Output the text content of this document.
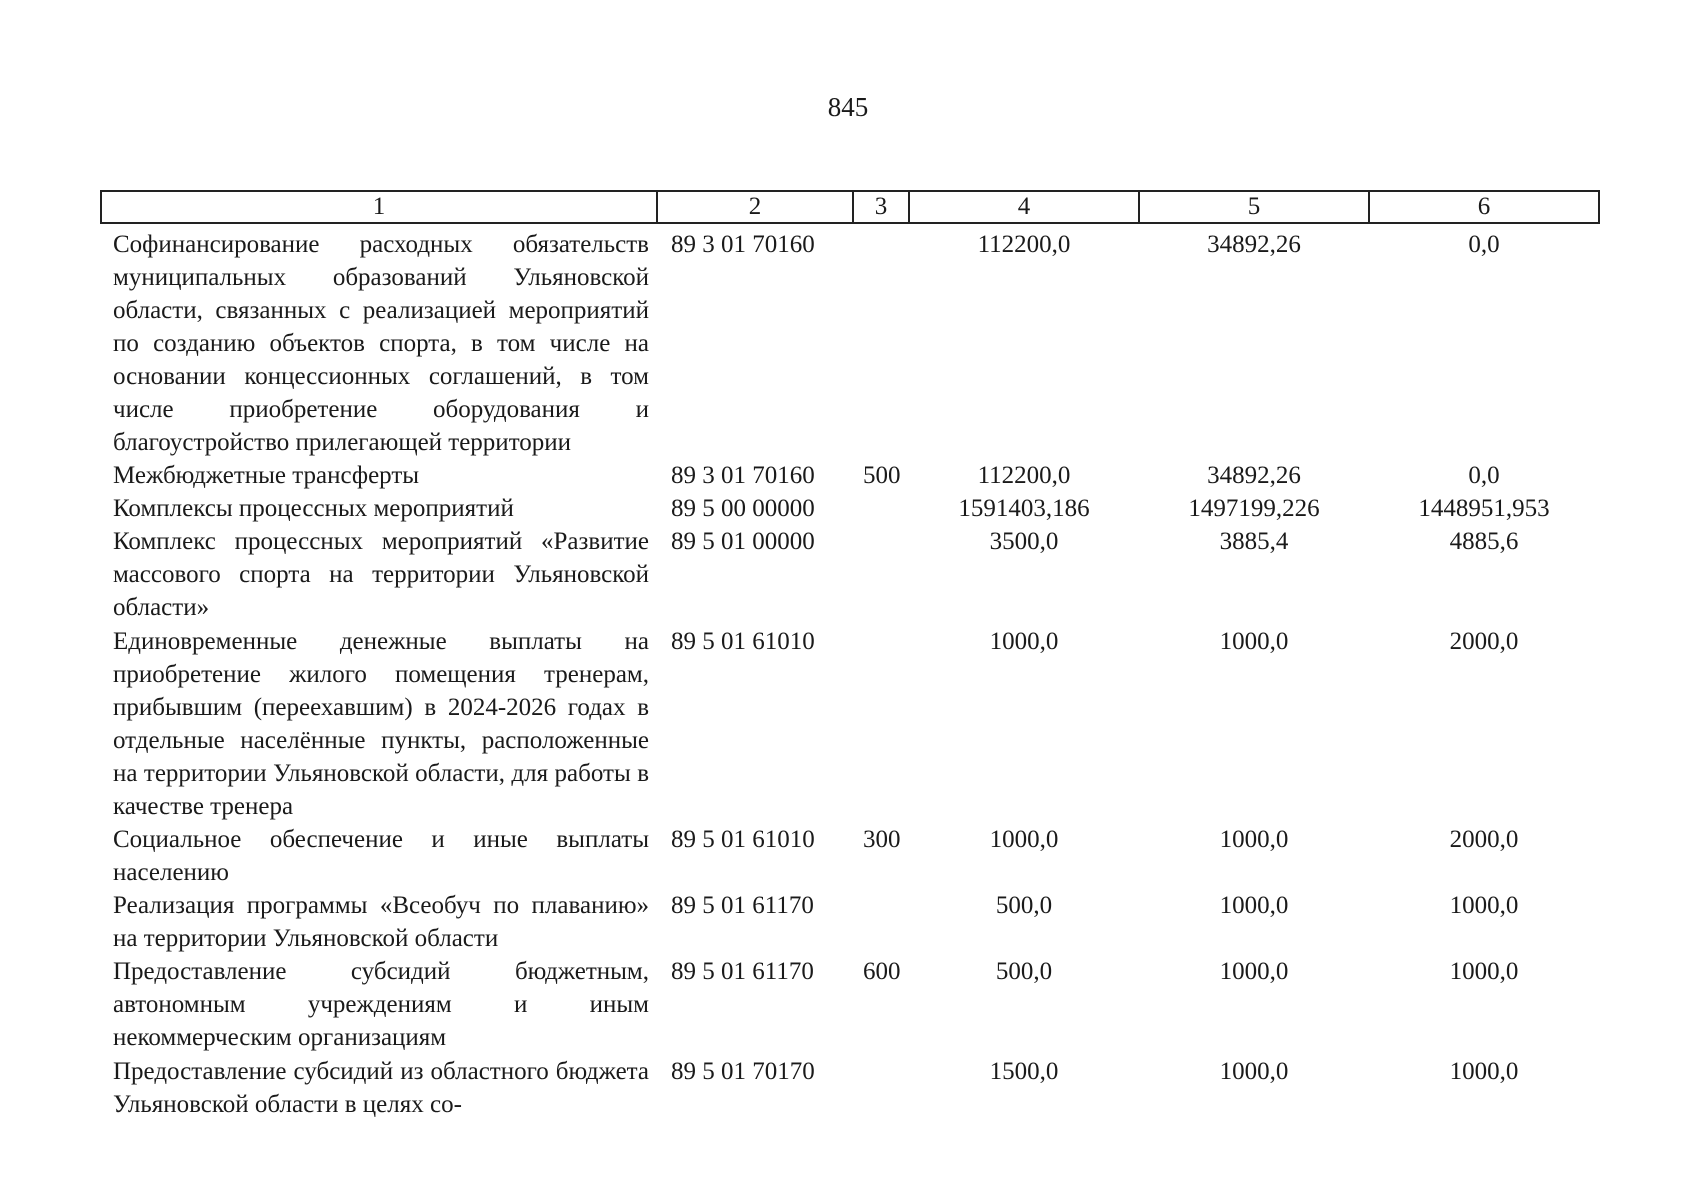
845
1	2	3	4	5	6
Софинансирование расходных обязательств муниципальных образований Ульяновской области, связанных с реализацией мероприятий по созданию объектов спорта, в том числе на основании концессионных соглашений, в том числе приобретение оборудования и благоустройство прилегающей территории	89 3 01 70160		112200,0	34892,26	0,0
Межбюджетные трансферты	89 3 01 70160	500	112200,0	34892,26	0,0
Комплексы процессных мероприятий	89 5 00 00000		1591403,186	1497199,226	1448951,953
Комплекс процессных мероприятий «Развитие массового спорта на территории Ульяновской области»	89 5 01 00000		3500,0	3885,4	4885,6
Единовременные денежные выплаты на приобретение жилого помещения тренерам, прибывшим (переехавшим) в 2024-2026 годах в отдельные населённые пункты, расположенные на территории Ульяновской области, для работы в качестве тренера	89 5 01 61010		1000,0	1000,0	2000,0
Социальное обеспечение и иные выплаты населению	89 5 01 61010	300	1000,0	1000,0	2000,0
Реализация программы «Всеобуч по плаванию» на территории Ульяновской области	89 5 01 61170		500,0	1000,0	1000,0
Предоставление субсидий бюджетным, автономным учреждениям и иным некоммерческим организациям	89 5 01 61170	600	500,0	1000,0	1000,0
Предоставление субсидий из областного бюджета Ульяновской области в целях со-	89 5 01 70170		1500,0	1000,0	1000,0
